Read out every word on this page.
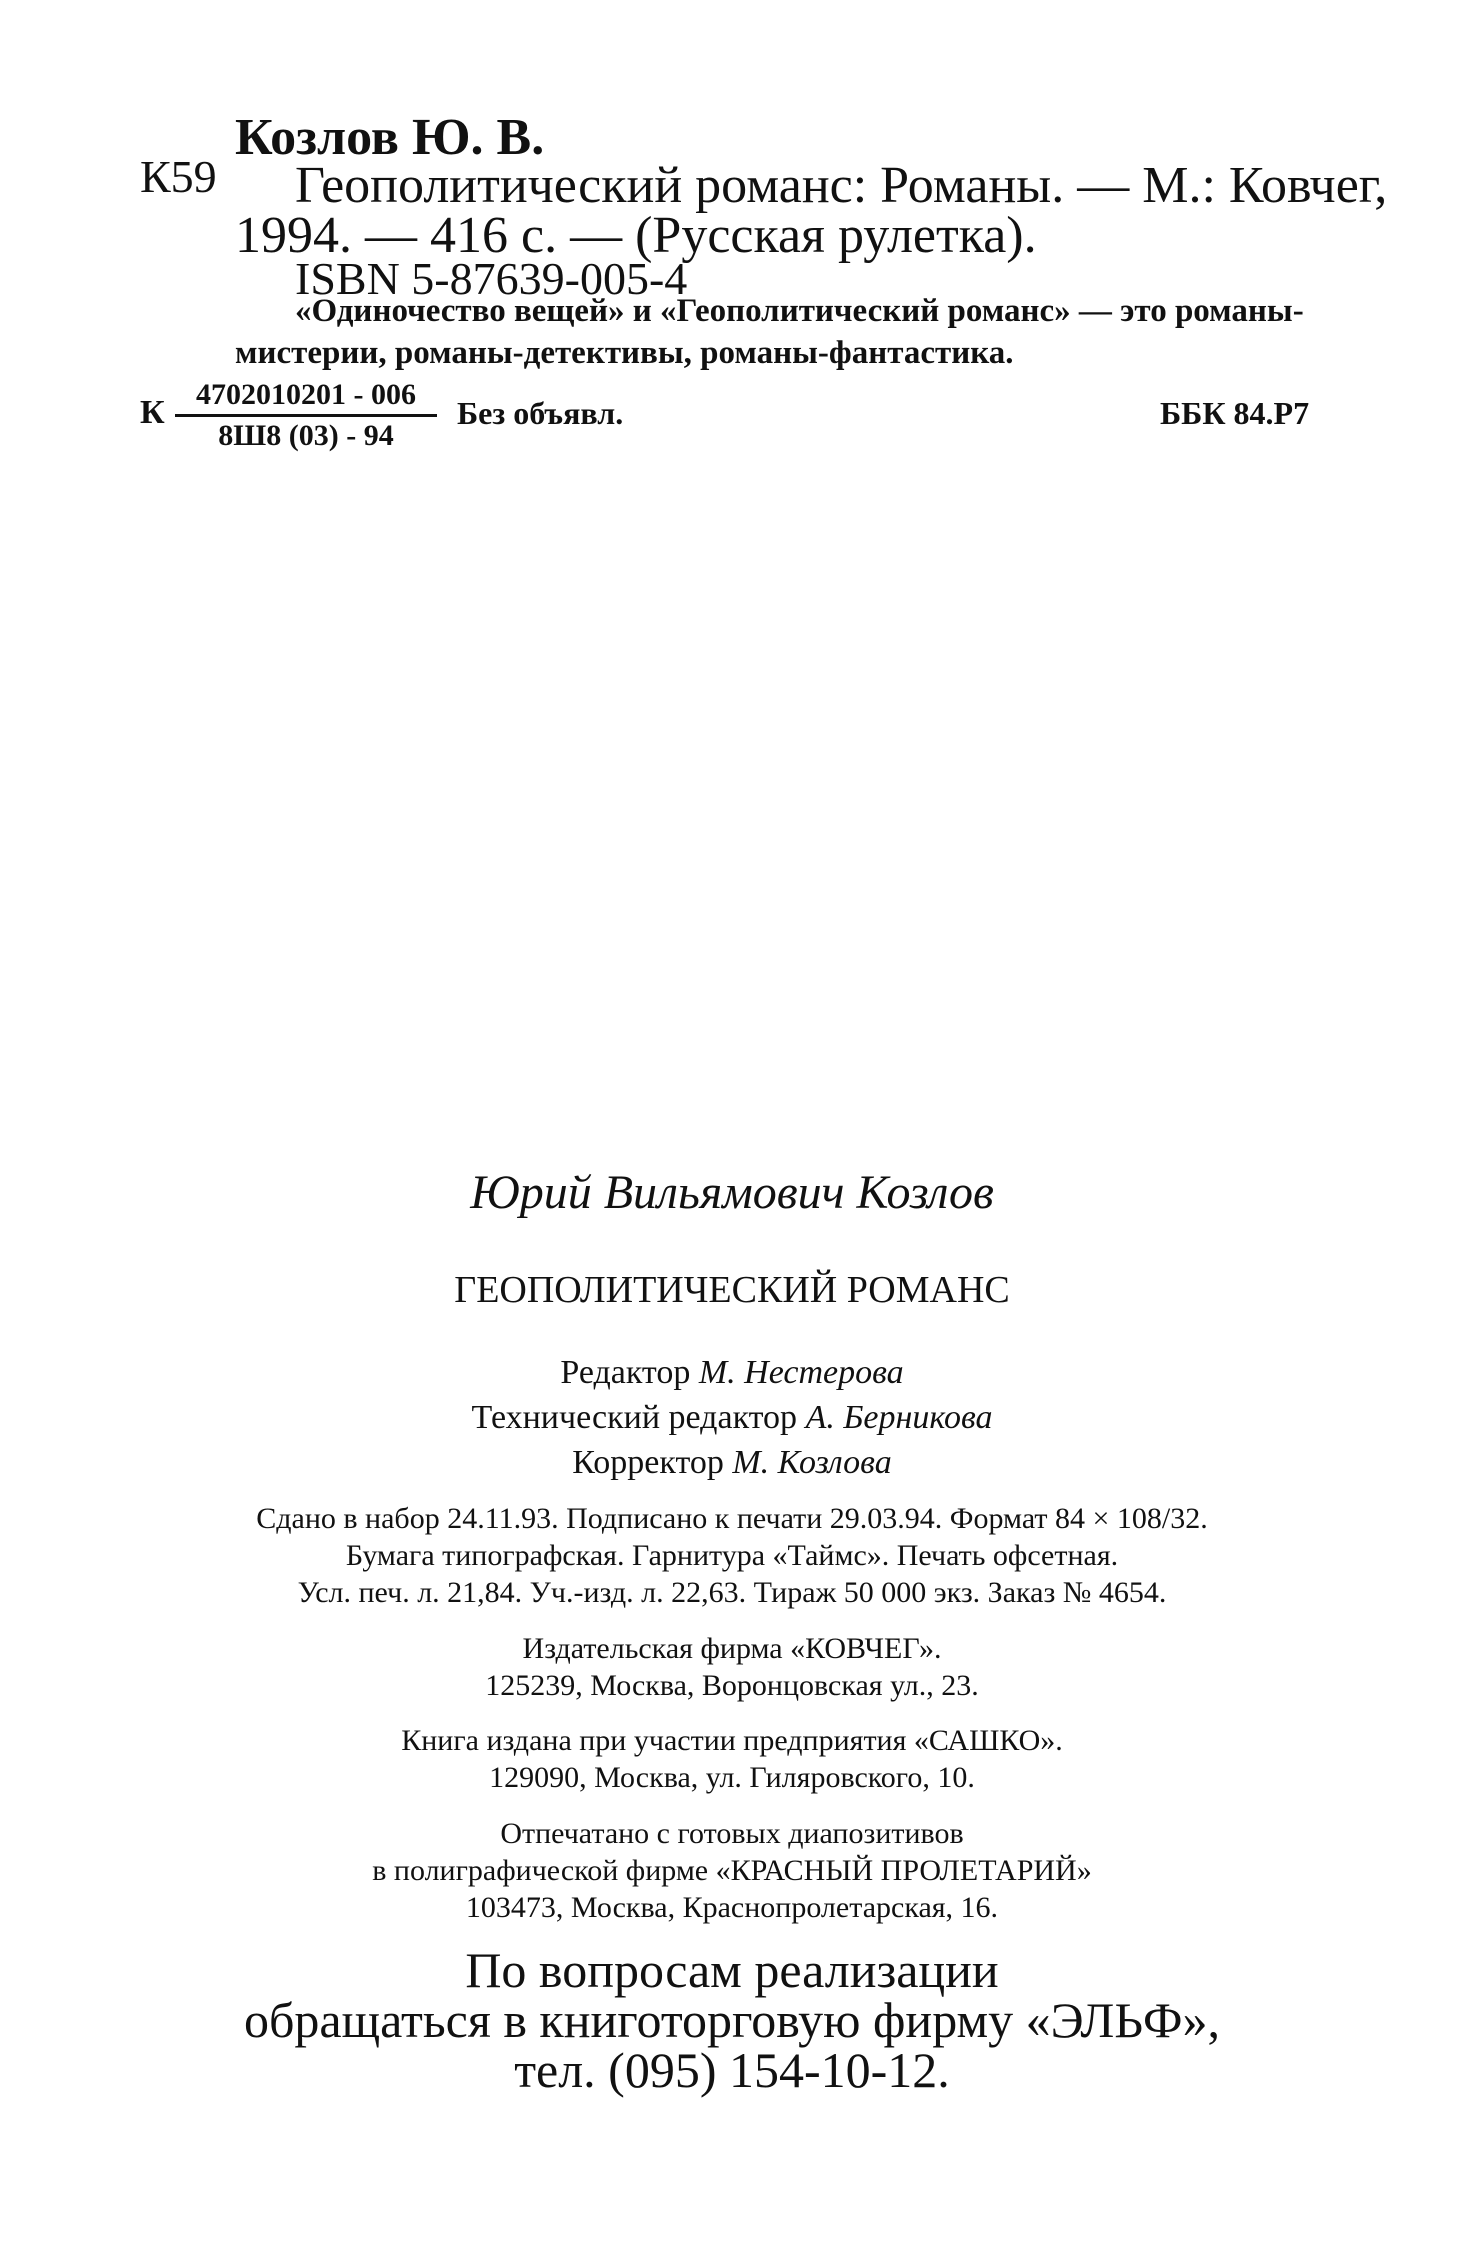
Козлов Ю. В.
К59 Геополитический романс: Романы. — М.: Ковчег,
1994. — 416 с. — (Русская рулетка).
ISBN 5-87639-005-4
«Одиночество вещей» и «Геополитический романс» — это романы-
мистерии, романы-детективы, романы-фантастика.
К	4702010201 - 006
8Ш8 (03) - 94
Без объявл.	ББК 84.Р7
Юрий Вильямович Козлов
ГЕОПОЛИТИЧЕСКИЙ РОМАНС
Редактор М. Нестерова
Технический редактор А. Берникова
Корректор М. Козлова
Сдано в набор 24.11.93. Подписано к печати 29.03.94. Формат 84 × 108/32.
Бумага типографская. Гарнитура «Таймс». Печать офсетная.
Усл. печ. л. 21,84. Уч.-изд. л. 22,63. Тираж 50 000 экз. Заказ № 4654.
Издательская фирма «КОВЧЕГ».
125239, Москва, Воронцовская ул., 23.
Книга издана при участии предприятия «САШКО».
129090, Москва, ул. Гиляровского, 10.
Отпечатано с готовых диапозитивов
в полиграфической фирме «КРАСНЫЙ ПРОЛЕТАРИЙ»
103473, Москва, Краснопролетарская, 16.
По вопросам реализации
обращаться в книготорговую фирму «ЭЛЬФ»,
тел. (095) 154-10-12.
